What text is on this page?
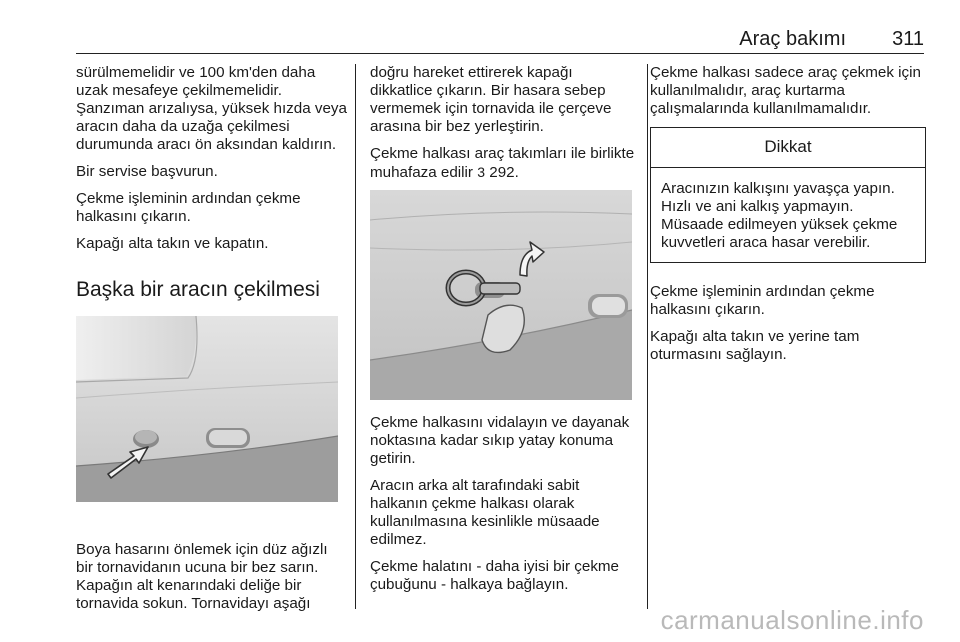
Araç bakımı 311

sürülmemelidir ve 100 km'den daha uzak mesafeye çekilmemelidir. Şanzıman arızalıysa, yüksek hızda veya aracın daha da uzağa çekilmesi durumunda aracı ön aksından kaldırın.

Bir servise başvurun.

Çekme işleminin ardından çekme halkasını çıkarın.

Kapağı alta takın ve kapatın.

Başka bir aracın çekilmesi

Boya hasarını önlemek için düz ağızlı bir tornavidanın ucuna bir bez sarın. Kapağın alt kenarındaki deliğe bir tornavida sokun. Tornavidayı aşağı

doğru hareket ettirerek kapağı dikkatlice çıkarın. Bir hasara sebep vermemek için tornavida ile çerçeve arasına bir bez yerleştirin.

Çekme halkası araç takımları ile birlikte muhafaza edilir 3 292.

Çekme halkasını vidalayın ve dayanak noktasına kadar sıkıp yatay konuma getirin.

Aracın arka alt tarafındaki sabit halkanın çekme halkası olarak kullanılmasına kesinlikle müsaade edilmez.

Çekme halatını - daha iyisi bir çekme çubuğunu - halkaya bağlayın.

Çekme halkası sadece araç çekmek için kullanılmalıdır, araç kurtarma çalışmalarında kullanılmamalıdır.

Dikkat
Aracınızın kalkışını yavaşça yapın. Hızlı ve ani kalkış yapmayın. Müsaade edilmeyen yüksek çekme kuvvetleri araca hasar verebilir.

Çekme işleminin ardından çekme halkasını çıkarın.

Kapağı alta takın ve yerine tam oturmasını sağlayın.

carmanualsonline.info
